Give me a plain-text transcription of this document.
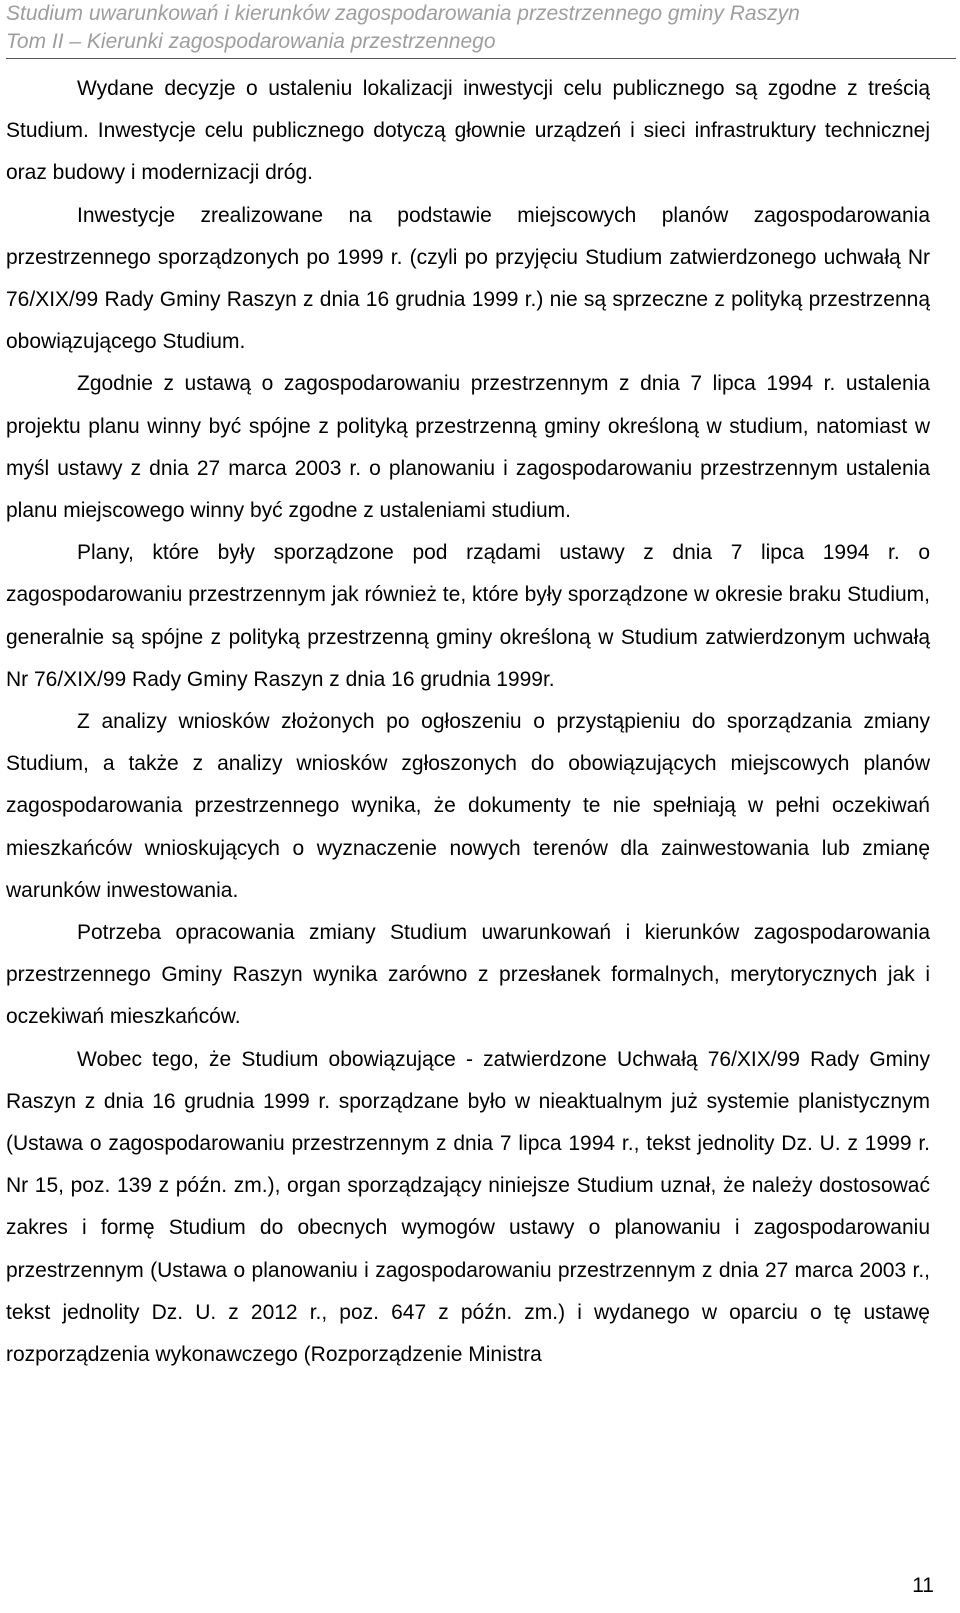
Studium uwarunkowań i kierunków zagospodarowania przestrzennego gminy Raszyn
Tom II – Kierunki zagospodarowania przestrzennego

Wydane decyzje o ustaleniu lokalizacji inwestycji celu publicznego są zgodne z treścią Studium. Inwestycje celu publicznego dotyczą głownie urządzeń i sieci infrastruktury technicznej oraz budowy i modernizacji dróg.

Inwestycje zrealizowane na podstawie miejscowych planów zagospodarowania przestrzennego sporządzonych po 1999 r. (czyli po przyjęciu Studium zatwierdzonego uchwałą Nr 76/XIX/99 Rady Gminy Raszyn z dnia 16 grudnia 1999 r.) nie są sprzeczne z polityką przestrzenną obowiązującego Studium.

Zgodnie z ustawą o zagospodarowaniu przestrzennym z dnia 7 lipca 1994 r. ustalenia projektu planu winny być spójne z polityką przestrzenną gminy określoną w studium, natomiast w myśl ustawy z dnia 27 marca 2003 r. o planowaniu i zagospodarowaniu przestrzennym ustalenia planu miejscowego winny być zgodne z ustaleniami studium.

Plany, które były sporządzone pod rządami ustawy z dnia 7 lipca 1994 r. o zagospodarowaniu przestrzennym jak również te, które były sporządzone w okresie braku Studium, generalnie są spójne z polityką przestrzenną gminy określoną w Studium zatwierdzonym uchwałą Nr 76/XIX/99 Rady Gminy Raszyn z dnia 16 grudnia 1999r.

Z analizy wniosków złożonych po ogłoszeniu o przystąpieniu do sporządzania zmiany Studium, a także z analizy wniosków zgłoszonych do obowiązujących miejscowych planów zagospodarowania przestrzennego wynika, że dokumenty te nie spełniają w pełni oczekiwań mieszkańców wnioskujących o wyznaczenie nowych terenów dla zainwestowania lub zmianę warunków inwestowania.

Potrzeba opracowania zmiany Studium uwarunkowań i kierunków zagospodarowania przestrzennego Gminy Raszyn wynika zarówno z przesłanek formalnych, merytorycznych jak i oczekiwań mieszkańców.

Wobec tego, że Studium obowiązujące - zatwierdzone Uchwałą 76/XIX/99 Rady Gminy Raszyn z dnia 16 grudnia 1999 r. sporządzane było w nieaktualnym już systemie planistycznym (Ustawa o zagospodarowaniu przestrzennym z dnia 7 lipca 1994 r., tekst jednolity Dz. U. z 1999 r. Nr 15, poz. 139 z późn. zm.), organ sporządzający niniejsze Studium uznał, że należy dostosować zakres i formę Studium do obecnych wymogów ustawy o planowaniu i zagospodarowaniu przestrzennym (Ustawa o planowaniu i zagospodarowaniu przestrzennym z dnia 27 marca 2003 r., tekst jednolity Dz. U. z 2012 r., poz. 647 z późn. zm.) i wydanego w oparciu o tę ustawę rozporządzenia wykonawczego (Rozporządzenie Ministra

11
